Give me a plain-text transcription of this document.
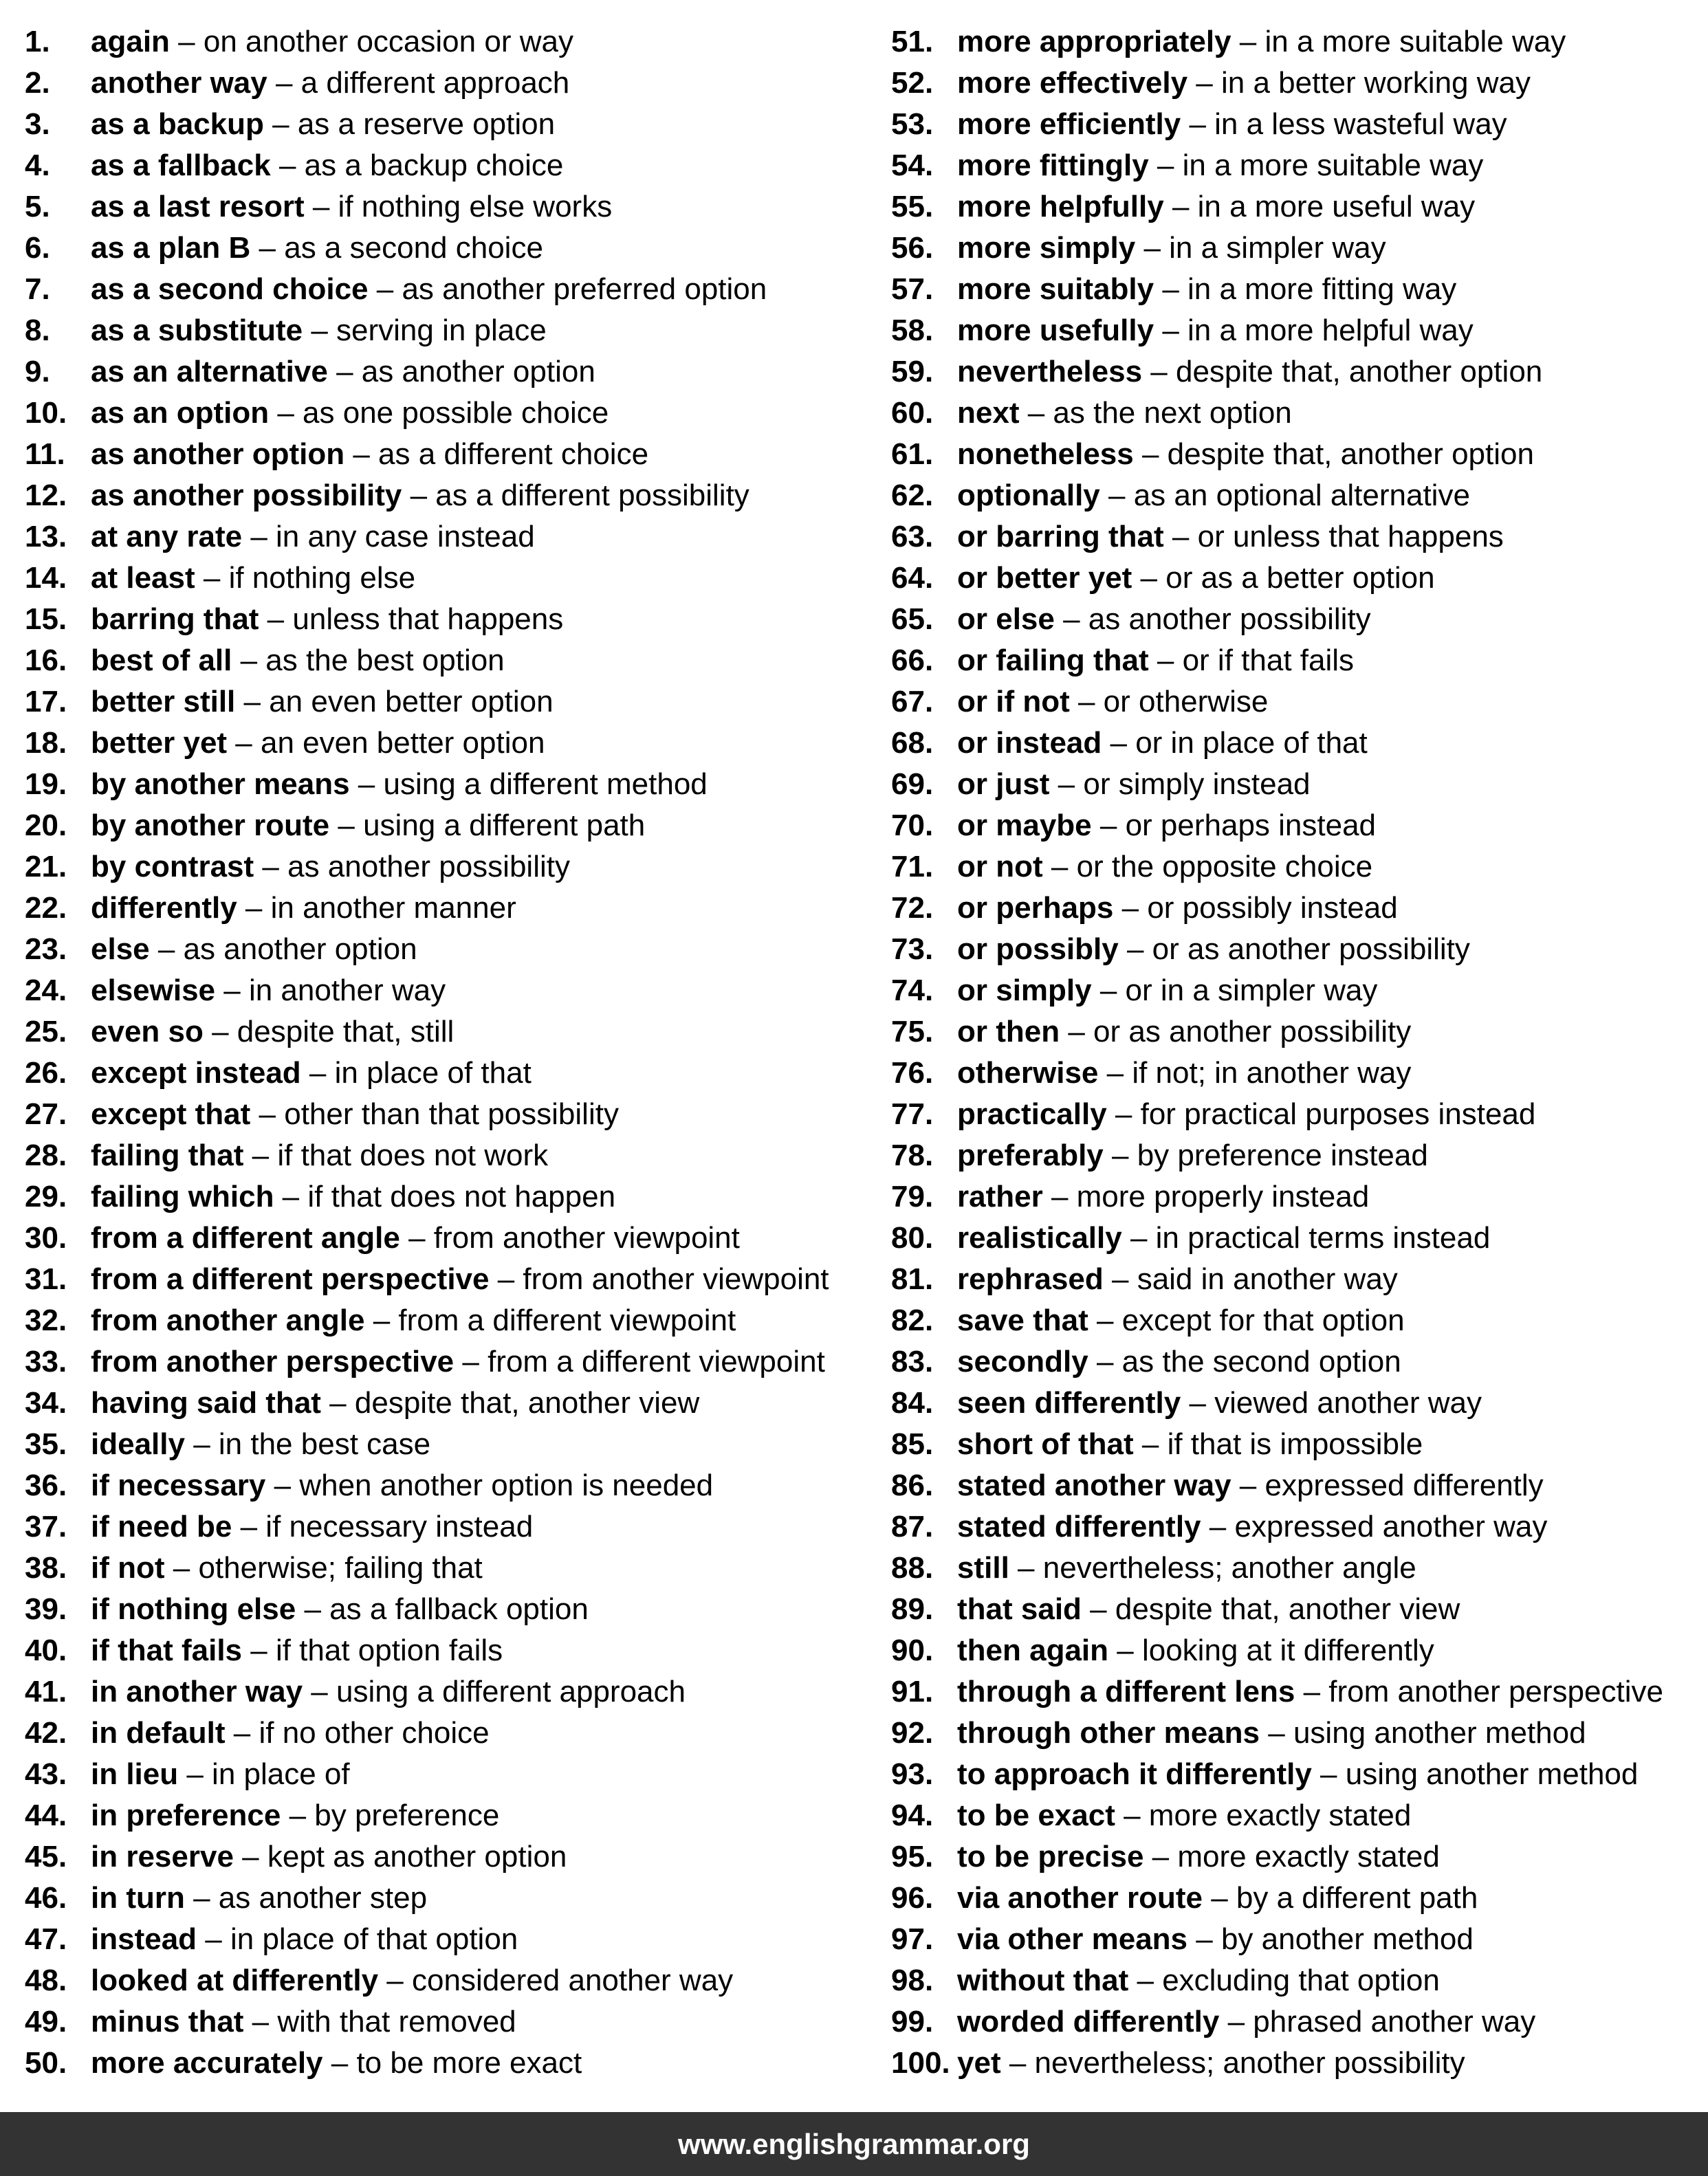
1. again – on another occasion or way
2. another way – a different approach
3. as a backup – as a reserve option
4. as a fallback – as a backup choice
5. as a last resort – if nothing else works
6. as a plan B – as a second choice
7. as a second choice – as another preferred option
8. as a substitute – serving in place
9. as an alternative – as another option
10. as an option – as one possible choice
11. as another option – as a different choice
12. as another possibility – as a different possibility
13. at any rate – in any case instead
14. at least – if nothing else
15. barring that – unless that happens
16. best of all – as the best option
17. better still – an even better option
18. better yet – an even better option
19. by another means – using a different method
20. by another route – using a different path
21. by contrast – as another possibility
22. differently – in another manner
23. else – as another option
24. elsewise – in another way
25. even so – despite that, still
26. except instead – in place of that
27. except that – other than that possibility
28. failing that – if that does not work
29. failing which – if that does not happen
30. from a different angle – from another viewpoint
31. from a different perspective – from another viewpoint
32. from another angle – from a different viewpoint
33. from another perspective – from a different viewpoint
34. having said that – despite that, another view
35. ideally – in the best case
36. if necessary – when another option is needed
37. if need be – if necessary instead
38. if not – otherwise; failing that
39. if nothing else – as a fallback option
40. if that fails – if that option fails
41. in another way – using a different approach
42. in default – if no other choice
43. in lieu – in place of
44. in preference – by preference
45. in reserve – kept as another option
46. in turn – as another step
47. instead – in place of that option
48. looked at differently – considered another way
49. minus that – with that removed
50. more accurately – to be more exact
51. more appropriately – in a more suitable way
52. more effectively – in a better working way
53. more efficiently – in a less wasteful way
54. more fittingly – in a more suitable way
55. more helpfully – in a more useful way
56. more simply – in a simpler way
57. more suitably – in a more fitting way
58. more usefully – in a more helpful way
59. nevertheless – despite that, another option
60. next – as the next option
61. nonetheless – despite that, another option
62. optionally – as an optional alternative
63. or barring that – or unless that happens
64. or better yet – or as a better option
65. or else – as another possibility
66. or failing that – or if that fails
67. or if not – or otherwise
68. or instead – or in place of that
69. or just – or simply instead
70. or maybe – or perhaps instead
71. or not – or the opposite choice
72. or perhaps – or possibly instead
73. or possibly – or as another possibility
74. or simply – or in a simpler way
75. or then – or as another possibility
76. otherwise – if not; in another way
77. practically – for practical purposes instead
78. preferably – by preference instead
79. rather – more properly instead
80. realistically – in practical terms instead
81. rephrased – said in another way
82. save that – except for that option
83. secondly – as the second option
84. seen differently – viewed another way
85. short of that – if that is impossible
86. stated another way – expressed differently
87. stated differently – expressed another way
88. still – nevertheless; another angle
89. that said – despite that, another view
90. then again – looking at it differently
91. through a different lens – from another perspective
92. through other means – using another method
93. to approach it differently – using another method
94. to be exact – more exactly stated
95. to be precise – more exactly stated
96. via another route – by a different path
97. via other means – by another method
98. without that – excluding that option
99. worded differently – phrased another way
100. yet – nevertheless; another possibility
www.englishgrammar.org
